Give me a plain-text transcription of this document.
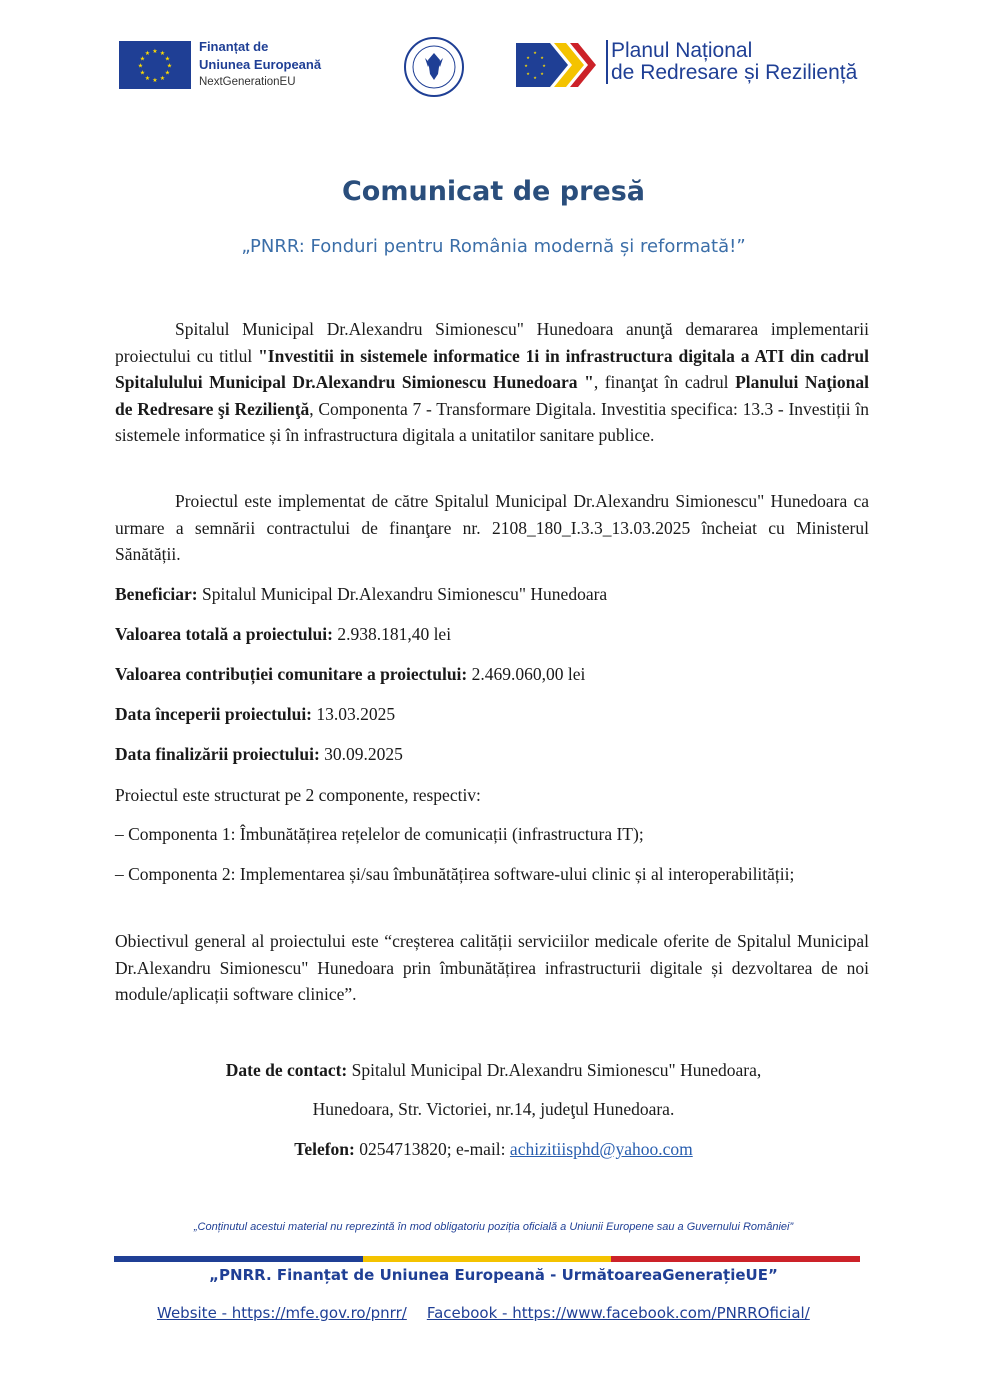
★ ★
★
★
★
★
★
★
★
★
★
★	Finanțat de
Uniunea Europeană
NextGenerationEU
★
★
★
★
★
★
★
★	Planul Național
de Redresare și Reziliență
Comunicat de presă
„PNRR: Fonduri pentru România modernă și reformată!”

Spitalul Municipal Dr.Alexandru Simionescu" Hunedoara anunţă demararea implementarii proiectului cu titlul "Investitii in sistemele informatice 1i in infrastructura digitala a ATI din cadrul Spitalulului Municipal Dr.Alexandru Simionescu Hunedoara ", finanţat în cadrul Planului Naţional de Redresare şi Rezilienţă, Componenta 7 - Transformare Digitala. Investitia specifica: 13.3 - Investiții în sistemele informatice și în infrastructura digitala a unitatilor sanitare publice.

Proiectul este implementat de către Spitalul Municipal Dr.Alexandru Simionescu" Hunedoara ca urmare a semnării contractului de finanţare nr. 2108_180_I.3.3_13.03.2025 încheiat cu Ministerul Sănătății.

Beneficiar: Spitalul Municipal Dr.Alexandru Simionescu" Hunedoara
Valoarea totală a proiectului: 2.938.181,40 lei
Valoarea contribuției comunitare a proiectului: 2.469.060,00 lei
Data începerii proiectului: 13.03.2025
Data finalizării proiectului: 30.09.2025
Proiectul este structurat pe 2 componente, respectiv:
– Componenta 1: Îmbunătățirea rețelelor de comunicații (infrastructura IT);
– Componenta 2: Implementarea și/sau îmbunătățirea software-ului clinic și al interoperabilității;
Obiectivul general al proiectului este “creșterea calității serviciilor medicale oferite de Spitalul Municipal Dr.Alexandru Simionescu" Hunedoara prin îmbunătățirea infrastructurii digitale și dezvoltarea de noi module/aplicații software clinice”.
Date de contact: Spitalul Municipal Dr.Alexandru Simionescu" Hunedoara,
Hunedoara, Str. Victoriei, nr.14, judeţul Hunedoara.
Telefon: 0254713820; e-mail: achizitiisphd@yahoo.com
„Conținutul acestui material nu reprezintă în mod obligatoriu poziția oficială a Uniunii Europene sau a Guvernului României”
„PNRR. Finanțat de Uniunea Europeană - UrmătoareaGenerațieUE”
Website - https://mfe.gov.ro/pnrr/ Facebook - https://www.facebook.com/PNRROficial/
